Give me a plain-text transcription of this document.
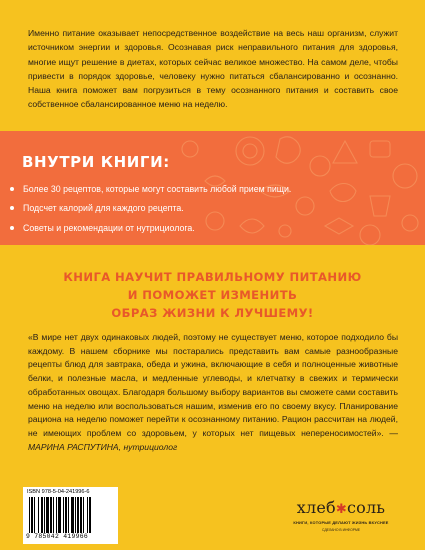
Именно питание оказывает непосредственное воздействие на весь наш организм, служит источником энергии и здоровья. Осознавая риск неправильного питания для здоровья, многие ищут решение в диетах, которых сейчас великое множество. На самом деле, чтобы привести в порядок здоровье, человеку нужно питаться сбалансированно и осознанно. Наша книга поможет вам погрузиться в тему осознанного питания и составить свое собственное сбалансированное меню на неделю.
ВНУТРИ КНИГИ:
Более 30 рецептов, которые могут составить любой прием пищи.
Подсчет калорий для каждого рецепта.
Советы и рекомендации от нутрициолога.
КНИГА НАУЧИТ ПРАВИЛЬНОМУ ПИТАНИЮ
И ПОМОЖЕТ ИЗМЕНИТЬ
ОБРАЗ ЖИЗНИ К ЛУЧШЕМУ!
«В мире нет двух одинаковых людей, поэтому не существует меню, которое подходило бы каждому. В нашем сборнике мы постарались представить вам самые разнообразные рецепты блюд для завтрака, обеда и ужина, включающие в себя и полноценные животные белки, и полезные масла, и медленные углеводы, и клетчатку в свежих и термически обработанных овощах. Благодаря большому выбору вариантов вы сможете сами составить меню на неделю или воспользоваться нашим, изменив его по своему вкусу. Планирование рациона на неделю поможет перейти к осознанному питанию. Рацион рассчитан на людей, не имеющих проблем со здоровьем, у которых нет пищевых непереносимостей». — МАРИНА РАСПУТИНА, нутрициолог
ISBN 978-5-04-241996-6
9 785042 419966
хлеб✱соль
КНИГИ, КОТОРЫЕ ДЕЛАЮТ ЖИЗНЬ ВКУСНЕЕ
СДЕЛАНО В ИНФОРМЕ
